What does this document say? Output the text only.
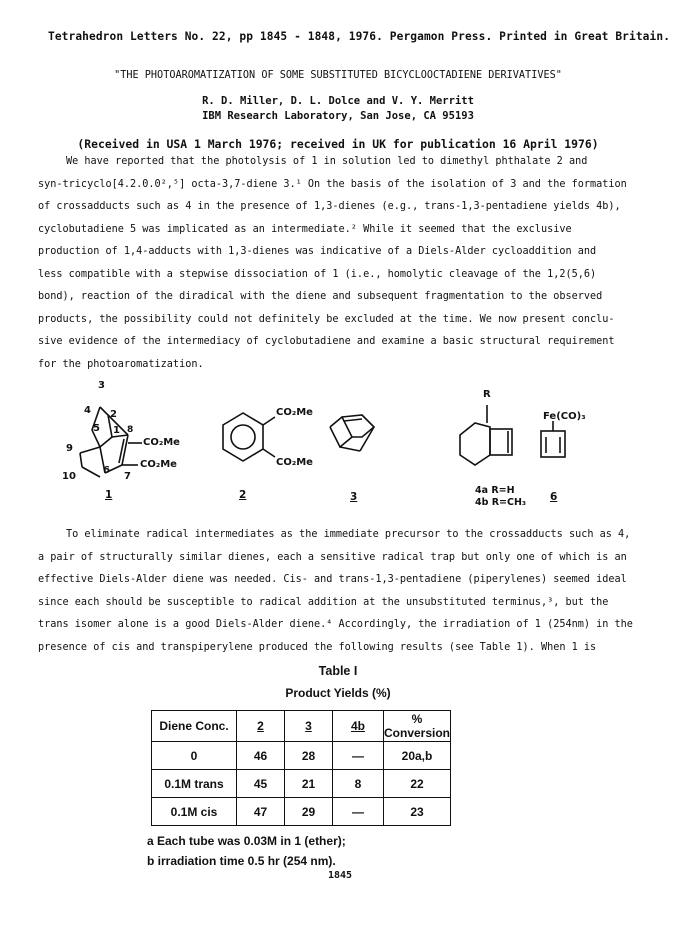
Tetrahedron Letters No. 22, pp 1845 - 1848, 1976. Pergamon Press. Printed in Great Britain.
"THE PHOTOAROMATIZATION OF SOME SUBSTITUTED BICYCLOOCTADIENE DERIVATIVES"
R. D. Miller, D. L. Dolce and V. Y. Merritt
IBM Research Laboratory, San Jose, CA 95193
(Received in USA 1 March 1976; received in UK for publication 16 April 1976)
We have reported that the photolysis of 1 in solution led to dimethyl phthalate 2 and
syn-tricyclo[4.2.0.0²,⁵] octa-3,7-diene 3.¹ On the basis of the isolation of 3 and the formation
of crossadducts such as 4 in the presence of 1,3-dienes (e.g., trans-1,3-pentadiene yields 4b),
cyclobutadiene 5 was implicated as an intermediate.² While it seemed that the exclusive
production of 1,4-adducts with 1,3-dienes was indicative of a Diels-Alder cycloaddition and
less compatible with a stepwise dissociation of 1 (i.e., homolytic cleavage of the 1,2(5,6)
bond), reaction of the diradical with the diene and subsequent fragmentation to the observed
products, the possibility could not definitely be excluded at the time. We now present conclu-
sive evidence of the intermediacy of cyclobutadiene and examine a basic structural requirement
for the photoaromatization.
3
4 2
5 1 8
9
10
6
7
CO₂Me
CO₂Me
CO₂Me
CO₂Me
R
Fe(CO)₃
1	2	3
4a R=H
4b R=CH₃ 6
To eliminate radical intermediates as the immediate precursor to the crossadducts such as 4,
a pair of structurally similar dienes, each a sensitive radical trap but only one of which is an
effective Diels-Alder diene was needed. Cis- and trans-1,3-pentadiene (piperylenes) seemed ideal
since each should be susceptible to radical addition at the unsubstituted terminus,³, but the
trans isomer alone is a good Diels-Alder diene.⁴ Accordingly, the irradiation of 1 (254nm) in the
presence of cis and transpiperylene produced the following results (see Table 1). When 1 is
Table I
Product Yields (%)
Diene Conc.	2	3	4b	% Conversion
0	46	28	—	20a,b
0.1M trans	45	21	8	22
0.1M cis	47	29	—	23
a Each tube was 0.03M in 1 (ether);
b irradiation time 0.5 hr (254 nm).
1845
